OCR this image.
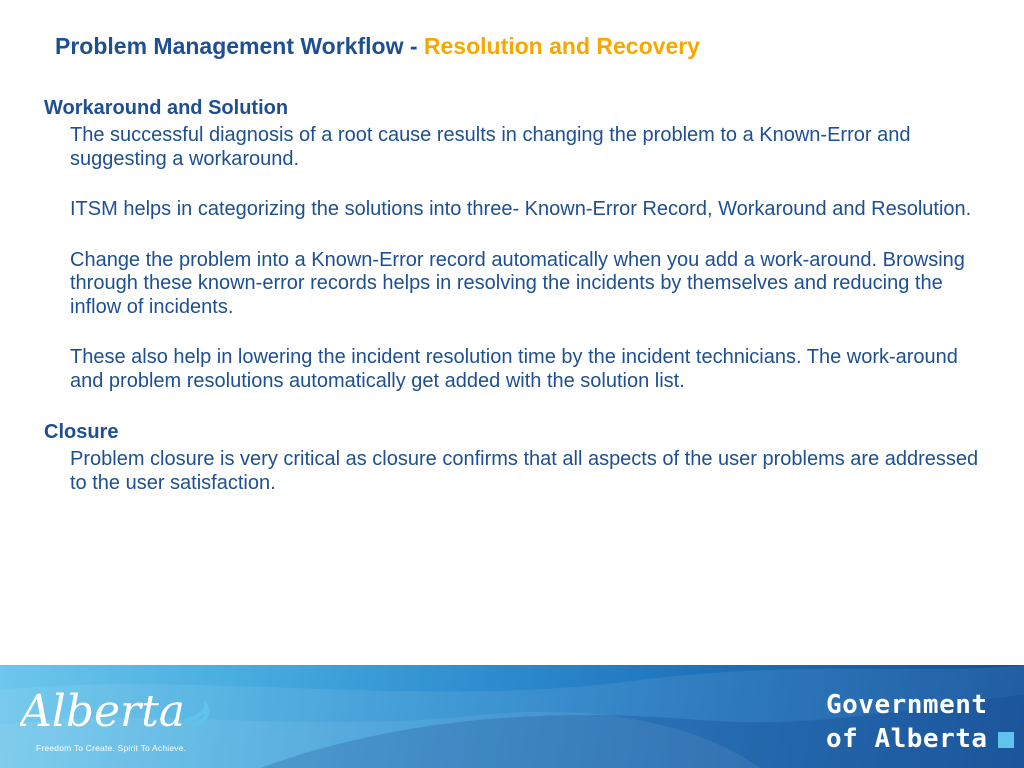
Problem Management Workflow - Resolution and Recovery
Workaround and Solution

The successful diagnosis of a root cause results in changing the problem to a Known-Error and suggesting a workaround.

ITSM helps in categorizing the solutions into three- Known-Error Record, Workaround and Resolution.

Change the problem into a Known-Error record automatically when you add a work-around. Browsing through these known-error records helps in resolving the incidents by themselves and reducing the inflow of incidents.

These also help in lowering the incident resolution time by the incident technicians. The work-around and problem resolutions automatically get added with the solution list.

Closure

Problem closure is very critical as closure confirms that all aspects of the user problems are addressed to the user satisfaction.

Alberta
Freedom To Create. Spirit To Achieve.
Government
of Alberta
